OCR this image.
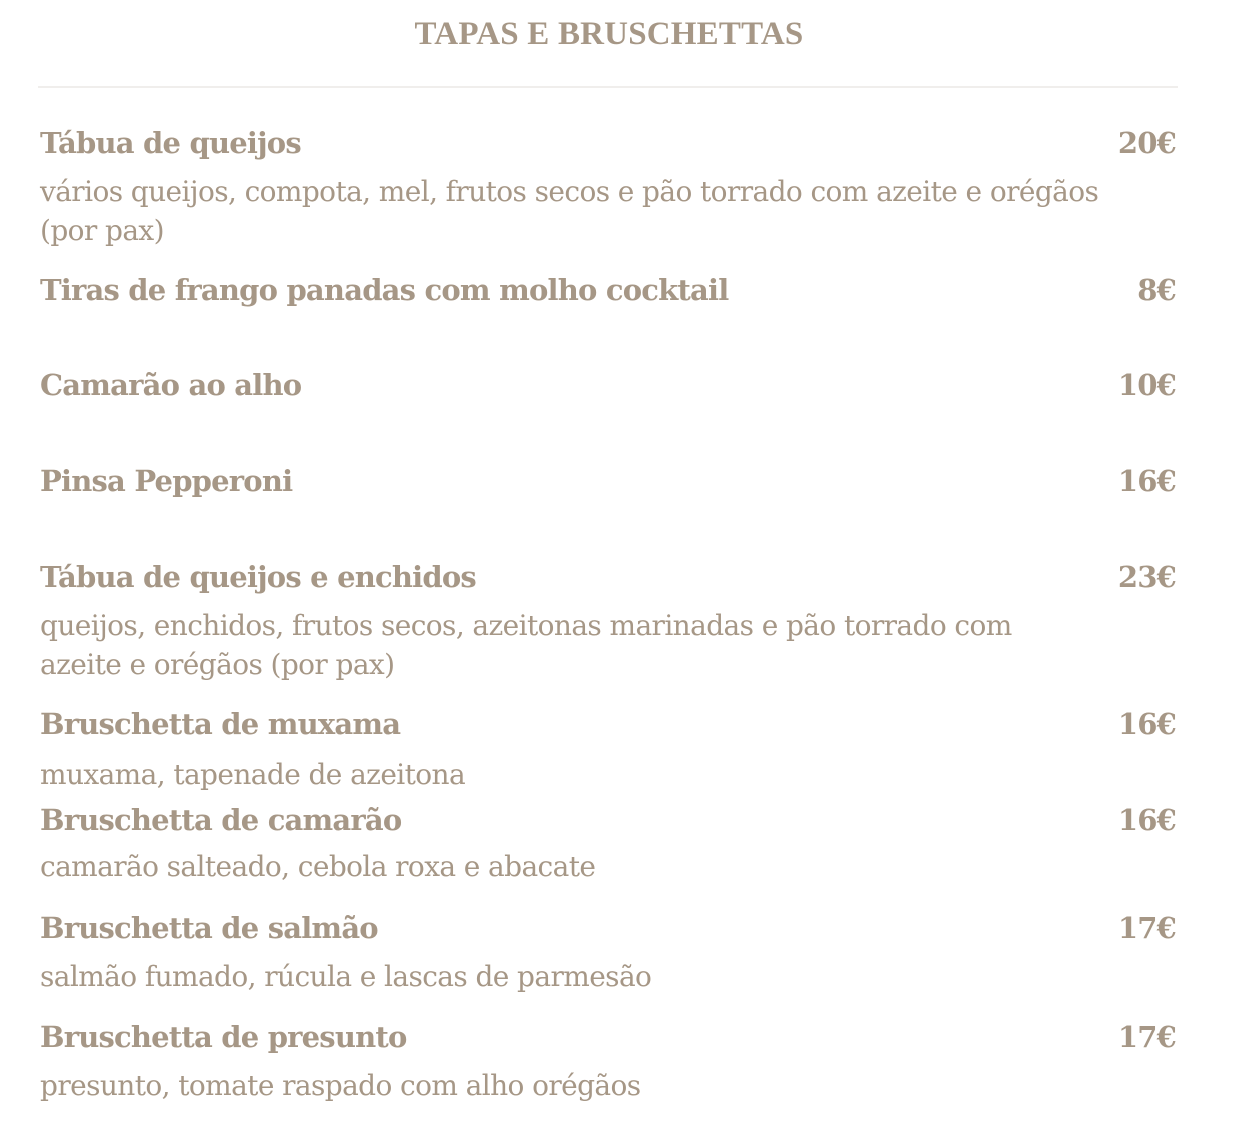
TAPAS E BRUSCHETTAS
Tábua de queijos	20€
vários queijos, compota, mel, frutos secos e pão torrado com azeite e orégãos (por pax)
Tiras de frango panadas com molho cocktail	8€
Camarão ao alho	10€
Pinsa Pepperoni	16€
Tábua de queijos e enchidos	23€
queijos, enchidos, frutos secos, azeitonas marinadas e pão torrado com azeite e orégãos (por pax)
Bruschetta de muxama	16€
muxama, tapenade de azeitona
Bruschetta de camarão	16€
camarão salteado, cebola roxa e abacate
Bruschetta de salmão	17€
salmão fumado, rúcula e lascas de parmesão
Bruschetta de presunto	17€
presunto, tomate raspado com alho orégãos
